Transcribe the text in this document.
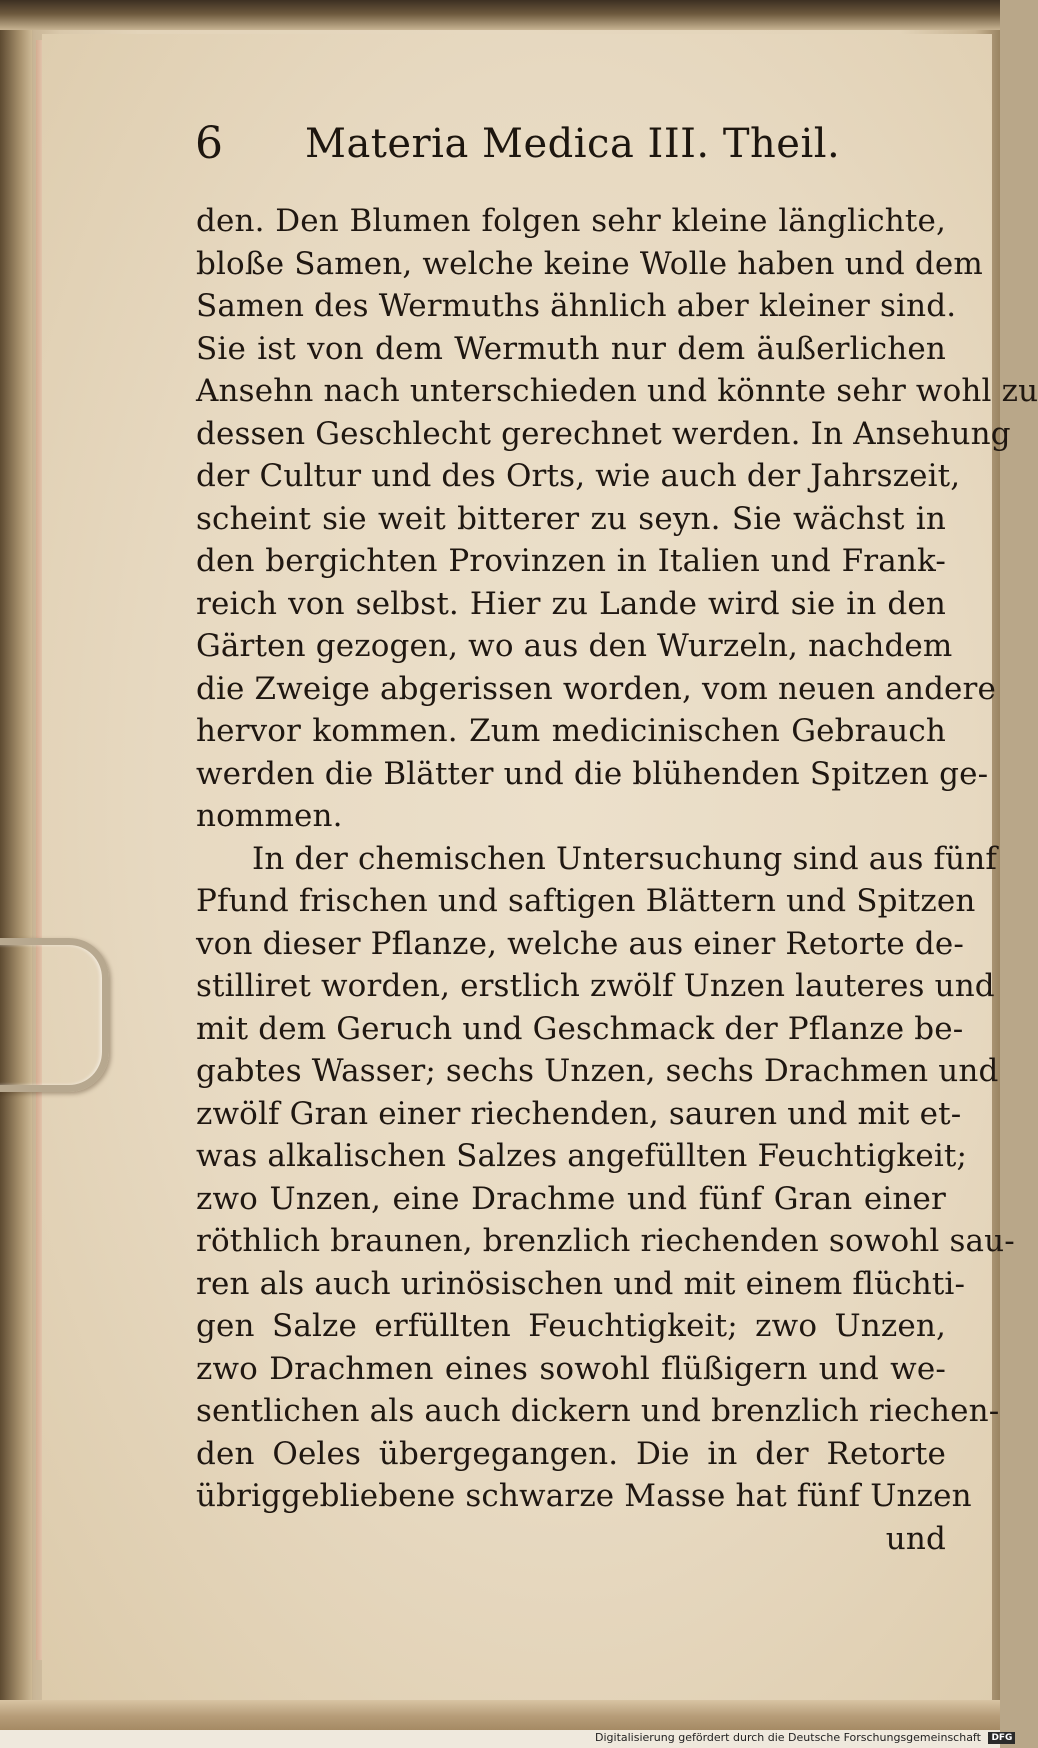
6 Materia Medica III. Theil.
den. Den Blumen folgen sehr kleine länglichte,
bloße Samen, welche keine Wolle haben und dem
Samen des Wermuths ähnlich aber kleiner sind.
Sie ist von dem Wermuth nur dem äußerlichen
Ansehn nach unterschieden und könnte sehr wohl zu
dessen Geschlecht gerechnet werden. In Ansehung
der Cultur und des Orts, wie auch der Jahrszeit,
scheint sie weit bitterer zu seyn. Sie wächst in
den bergichten Provinzen in Italien und Frank-
reich von selbst. Hier zu Lande wird sie in den
Gärten gezogen, wo aus den Wurzeln, nachdem
die Zweige abgerissen worden, vom neuen andere
hervor kommen. Zum medicinischen Gebrauch
werden die Blätter und die blühenden Spitzen ge-
nommen.
In der chemischen Untersuchung sind aus fünf
Pfund frischen und saftigen Blättern und Spitzen
von dieser Pflanze, welche aus einer Retorte de-
stilliret worden, erstlich zwölf Unzen lauteres und
mit dem Geruch und Geschmack der Pflanze be-
gabtes Wasser; sechs Unzen, sechs Drachmen und
zwölf Gran einer riechenden, sauren und mit et-
was alkalischen Salzes angefüllten Feuchtigkeit;
zwo Unzen, eine Drachme und fünf Gran einer
röthlich braunen, brenzlich riechenden sowohl sau-
ren als auch urinösischen und mit einem flüchti-
gen Salze erfüllten Feuchtigkeit; zwo Unzen,
zwo Drachmen eines sowohl flüßigern und we-
sentlichen als auch dickern und brenzlich riechen-
den Oeles übergegangen. Die in der Retorte
übriggebliebene schwarze Masse hat fünf Unzen
und
Digitalisierung gefördert durch die Deutsche Forschungsgemeinschaft DFG
